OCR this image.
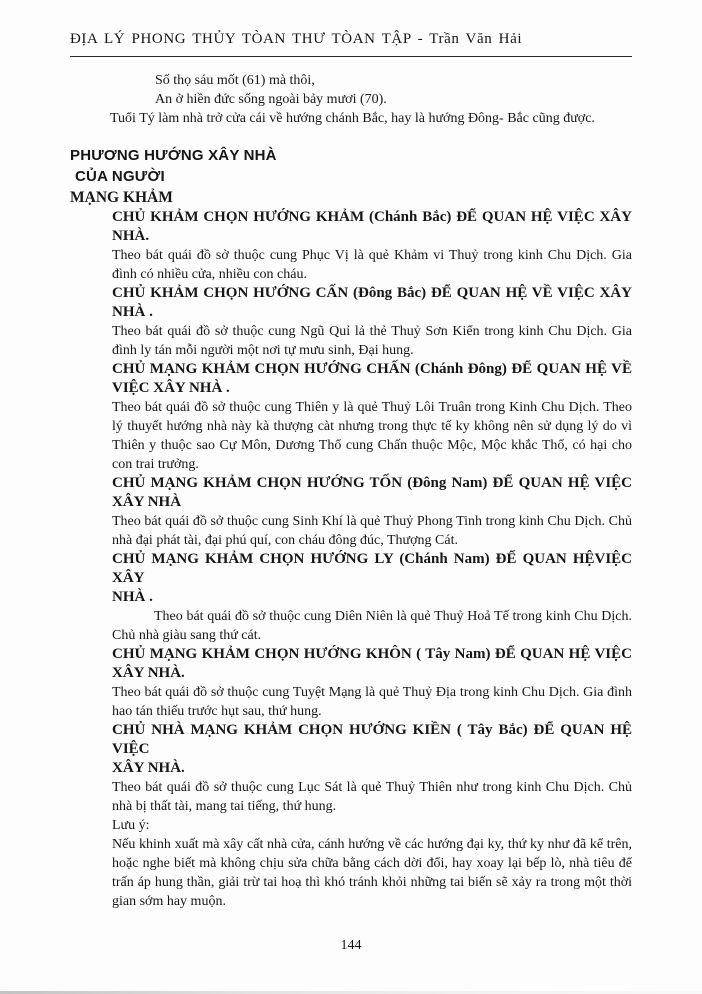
ĐỊA LÝ PHONG THỦY TÒAN THƯ TÒAN TẬP - Trần Văn Hải
Số thọ sáu mốt (61) mà thôi,
An ở hiền đức sống ngoài bảy mươi (70).
Tuổi Tý làm nhà trở cửa cái về hướng chánh Bắc, hay là hướng Đông- Bắc cũng được.
PHƯƠNG HƯỚNG XÂY NHÀ
CỦA NGƯỜI
MẠNG KHẢM
CHỦ KHẢM CHỌN HƯỚNG KHẢM (Chánh Bắc) ĐỂ QUAN HỆ VIỆC XÂY
NHÀ.
Theo bát quái đồ sở thuộc cung Phục Vị là quẻ Khảm vi Thuỷ trong kinh Chu Dịch. Gia đình có nhiều cửa, nhiều con cháu.
CHỦ KHẢM CHỌN HƯỚNG CẤN (Đông Bắc) ĐỂ QUAN HỆ VỀ VIỆC XÂY
NHÀ .
Theo bát quái đồ sở thuộc cung Ngũ Quỉ lả thẻ Thuỷ Sơn Kiển trong kinh Chu Dịch. Gia đình ly tán mỗi người một nơi tự mưu sinh, Đại hung.
CHỦ MẠNG KHẢM CHỌN HƯỚNG CHẤN (Chánh Đông) ĐỂ QUAN HỆ VỀ
VIỆC XÂY NHÀ .
Theo bát quái đồ sở thuộc cung Thiên y là quẻ Thuỷ Lôi Truân trong Kinh Chu Dịch. Theo lý thuyết hướng nhà này kà thượng càt nhưng trong thực tế ky không nên sử dụng lý do vì Thiên y thuộc sao Cự Môn, Dương Thổ cung Chấn thuộc Mộc, Mộc khắc Thổ, có hại cho con trai trưởng.
CHỦ MẠNG KHẢM CHỌN HƯỚNG TỐN (Đông Nam) ĐỂ QUAN HỆ VIỆC
XÂY NHÀ
Theo bát quái đồ sở thuộc cung Sinh Khí là quẻ Thuỷ Phong Tinh trong kinh Chu Dịch. Chủ nhà đại phát tài, đại phú quí, con cháu đông đúc, Thượng Cát.
CHỦ MẠNG KHẢM CHỌN HƯỚNG LY (Chánh Nam) ĐỂ QUAN HỆVIỆC XÂY
NHÀ .
Theo bát quái đồ sở thuộc cung Diên Niên là quẻ Thuỷ Hoả Tế trong kinh Chu Dịch. Chủ nhà giàu sang thứ cát.
CHỦ MẠNG KHẢM CHỌN HƯỚNG KHÔN ( Tây Nam) ĐỂ QUAN HỆ VIỆC
XÂY NHÀ.
Theo bát quái đồ sở thuộc cung Tuyệt Mạng là quẻ Thuỷ Địa trong kinh Chu Dịch. Gia đình hao tán thiếu trước hụt sau, thứ hung.
CHỦ NHÀ MẠNG KHẢM CHỌN HƯỚNG KIỀN ( Tây Bắc) ĐỂ QUAN HỆ VIỆC
XÂY NHÀ.
Theo bát quái đồ sở thuộc cung Lục Sát là quẻ Thuỷ Thiên như trong kinh Chu Dịch. Chủ nhà bị thất tài, mang tai tiếng, thứ hung.
Lưu ý:
Nếu khinh xuất mà xây cất nhà cửa, cánh hướng về các hướng đại ky, thứ ky như đã kể trên, hoặc nghe biết mà không chịu sửa chữa bằng cách dời đổi, hay xoay lại bếp lò, nhà tiêu để trấn áp hung thần, giải trừ tai hoạ thì khó tránh khỏi những tai biến sẽ xảy ra trong một thời gian sớm hay muộn.
144
